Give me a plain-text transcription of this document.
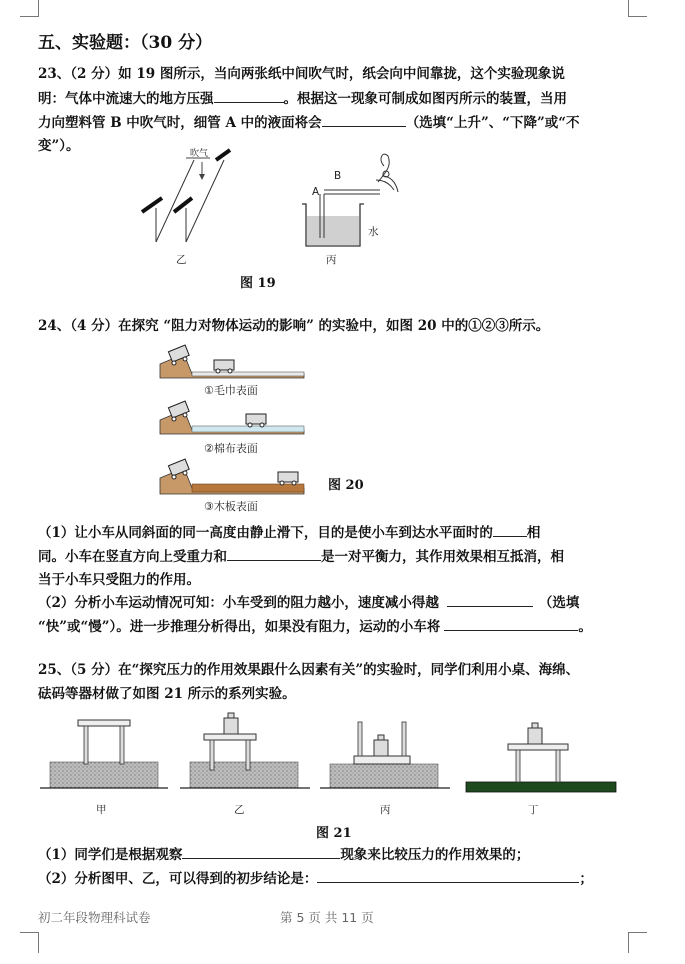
五、实验题：（30 分）
23、（2 分）如 19 图所示，当向两张纸中间吹气时，纸会向中间靠拢，这个实验现象说
明：气体中流速大的地方压强	。根据这一现象可制成如图丙所示的装置，当用
力向塑料管 B 中吹气时，细管 A 中的液面将会	（选填“上升”、“下降”或“不
变”）。	吹气
乙
A
B
水
丙
图 19
24、（4 分）在探究 “阻力对物体运动的影响” 的实验中，如图 20 中的①②③所示。
①毛巾表面
②棉布表面
③木板表面
图 20
（1）让小车从同斜面的同一高度由静止滑下，目的是使小车到达水平面时的	相
同。小车在竖直方向上受重力和	是一对平衡力，其作用效果相互抵消，相
当于小车只受阻力的作用。
（2）分析小车运动情况可知：小车受到的阻力越小，速度减小得越	（选填
“快”或“慢”）。进一步推理分析得出，如果没有阻力，运动的小车将	。
25、（5 分）在“探究压力的作用效果跟什么因素有关”的实验时，同学们利用小桌、海绵、
砝码等器材做了如图 21 所示的系列实验。
甲	乙	丙	丁
图 21
（1）同学们是根据观察	现象来比较压力的作用效果的；
（2）分析图甲、乙，可以得到的初步结论是：	；
初二年段物理科试卷	第 5 页 共 11 页
